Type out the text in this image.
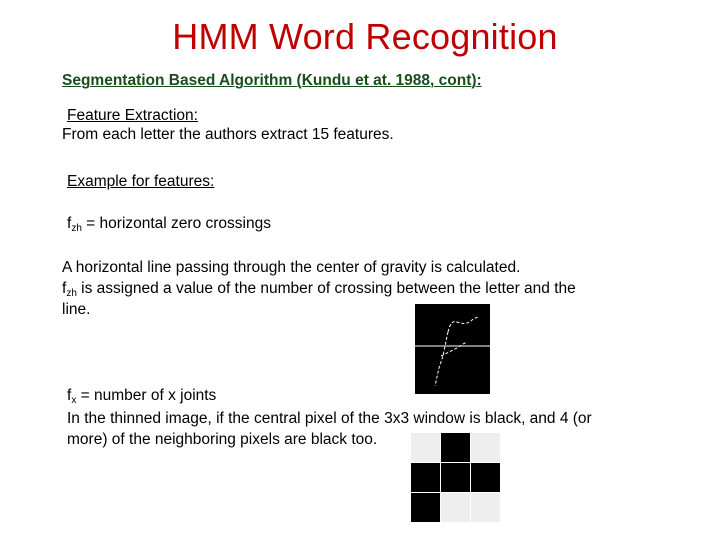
HMM Word Recognition
Segmentation Based Algorithm (Kundu et at. 1988, cont):
Feature Extraction:
From each letter the authors extract 15 features.
Example for features:
$f_{zh}$ = horizontal zero crossings
A horizontal line passing through the center of gravity is calculated.
$f_{zh}$ is assigned a value of the number of crossing between the letter and the
line.
$f_x$ = number of x joints
In the thinned image, if the central pixel of the 3x3 window is black, and 4 (or
more) of the neighboring pixels are black too.
